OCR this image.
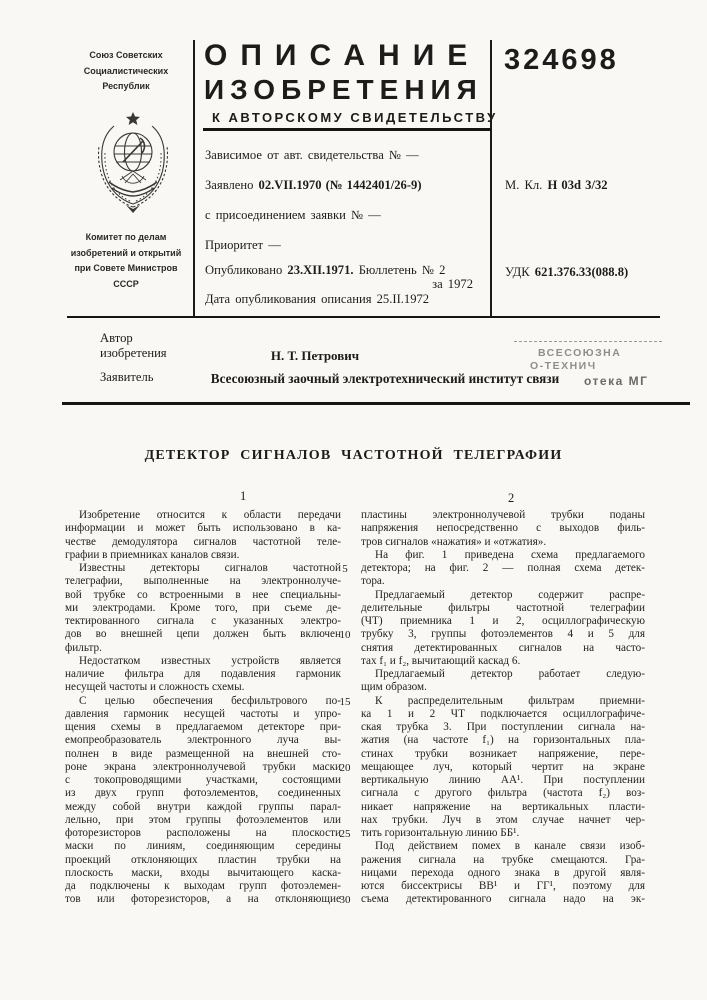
Союз Советских
Социалистических
Республик
Комитет по делам
изобретений и открытий
при Совете Министров
СССР
ОПИСАНИЕ
ИЗОБРЕТЕНИЯ
К АВТОРСКОМУ СВИДЕТЕЛЬСТВУ
324698
Зависимое от авт. свидетельства № —
Заявлено 02.VII.1970 (№ 1442401/26-9)
с присоединением заявки № —
Приоритет —
Опубликовано 23.XII.1971. Бюллетень № 2
за 1972
Дата опубликования описания 25.II.1972
М. Кл. Н 03d 3/32
УДК 621.376.33(088.8)
Автор
изобретения	Н. Т. Петрович	ВСЕСОЮЗНА
О-ТЕХНИЧ
отека МГ
Заявитель	Всесоюзный заочный электротехнический институт связи
ДЕТЕКТОР СИГНАЛОВ ЧАСТОТНОЙ ТЕЛЕГРАФИИ
1	2
Изобретение относится к области передачи
информации и может быть использовано в ка-
честве демодулятора сигналов частотной теле-
графии в приемниках каналов связи.
Известны детекторы сигналов частотной
телеграфии, выполненные на электроннолуче-
вой трубке со встроенными в нее специальны-
ми электродами. Кроме того, при съеме де-
тектированного сигнала с указанных электро-
дов во внешней цепи должен быть включен
фильтр.
Недостатком известных устройств является
наличие фильтра для подавления гармоник
несущей частоты и сложность схемы.
С целью обеспечения бесфильтрового по-
давления гармоник несущей частоты и упро-
щения схемы в предлагаемом детекторе при-
емопреобразователь электронного луча вы-
полнен в виде размещенной на внешней сто-
роне экрана электроннолучевой трубки маски
с токопроводящими участками, состоящими
из двух групп фотоэлементов, соединенных
между собой внутри каждой группы парал-
лельно, при этом группы фотоэлементов или
фоторезисторов расположены на плоскости
маски по линиям, соединяющим середины
проекций отклоняющих пластин трубки на
плоскость маски, входы вычитающего каска-
да подключены к выходам групп фотоэлемен-
тов или фоторезисторов, а на отклоняющие
5
10
15
20
25
30
пластины электроннолучевой трубки поданы
напряжения непосредственно с выходов филь-
тров сигналов «нажатия» и «отжатия».
На фиг. 1 приведена схема предлагаемого
детектора; на фиг. 2 — полная схема детек-
тора.
Предлагаемый детектор содержит распре-
делительные фильтры частотной телеграфии
(ЧТ) приемника 1 и 2, осциллографическую
трубку 3, группы фотоэлементов 4 и 5 для
снятия детектированных сигналов на часто-
тах f₁ и f₂, вычитающий каскад 6.
Предлагаемый детектор работает следую-
щим образом.
К распределительным фильтрам приемни-
ка 1 и 2 ЧТ подключается осциллографиче-
ская трубка 3. При поступлении сигнала на-
жатия (на частоте f₁) на горизонтальных пла-
стинах трубки возникает напряжение, пере-
мещающее луч, который чертит на экране
вертикальную линию АА¹. При поступлении
сигнала с другого фильтра (частота f₂) воз-
никает напряжение на вертикальных пласти-
нах трубки. Луч в этом случае начнет чер-
тить горизонтальную линию ББ¹.
Под действием помех в канале связи изоб-
ражения сигнала на трубке смещаются. Гра-
ницами перехода одного знака в другой явля-
ются биссектрисы ВВ¹ и ГГ¹, поэтому для
съема детектированного сигнала надо на эк-
